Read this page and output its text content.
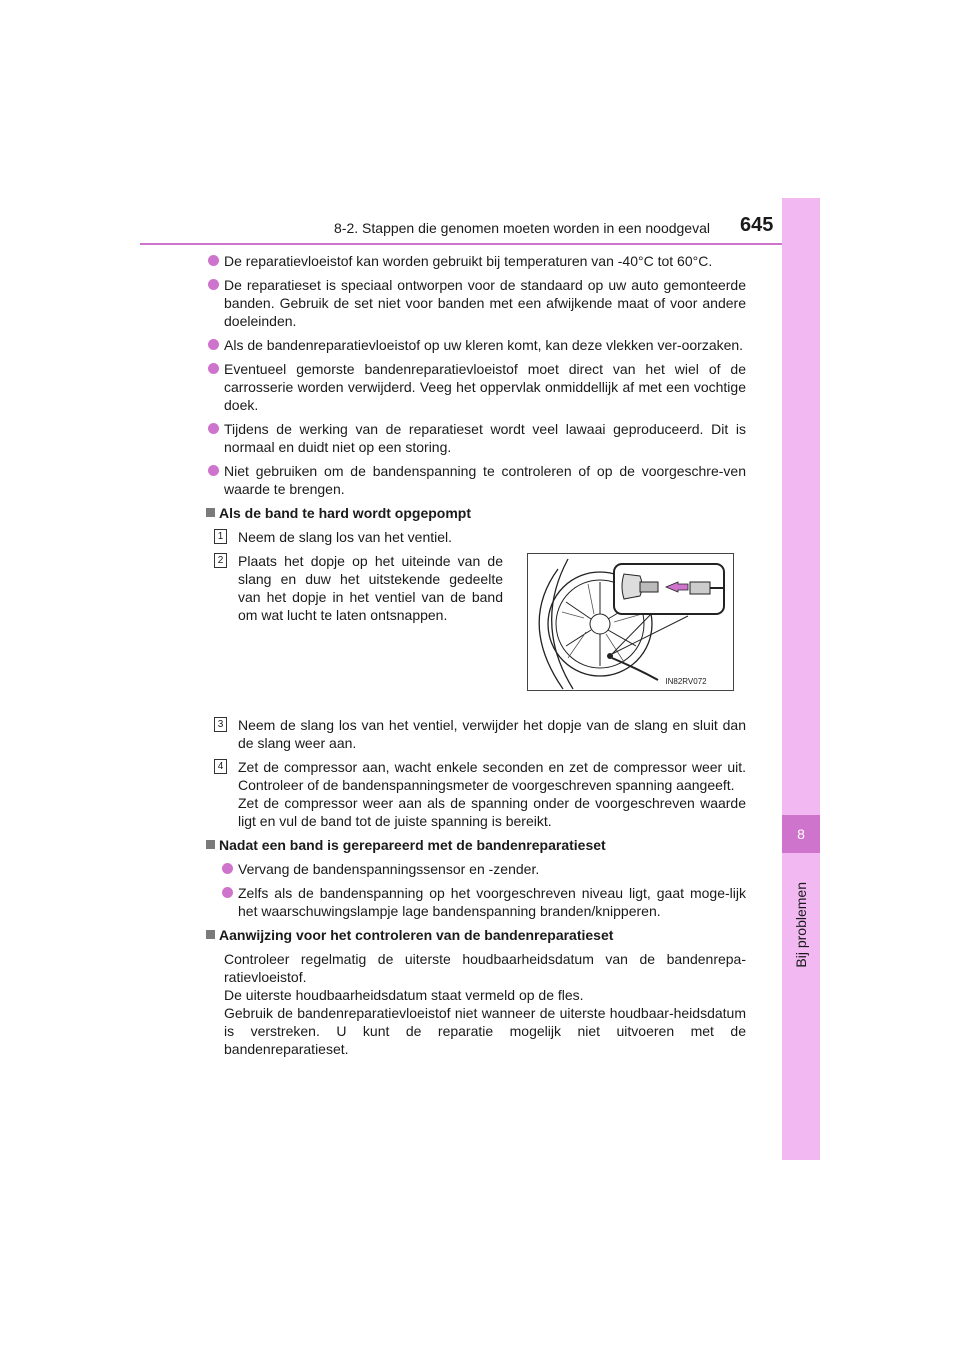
8-2. Stappen die genomen moeten worden in een noodgeval 645
8
Bij problemen
De reparatievloeistof kan worden gebruikt bij temperaturen van -40°C tot 60°C.
De reparatieset is speciaal ontworpen voor de standaard op uw auto gemonteerde banden. Gebruik de set niet voor banden met een afwijkende maat of voor andere doeleinden.
Als de bandenreparatievloeistof op uw kleren komt, kan deze vlekken ver-oorzaken.
Eventueel gemorste bandenreparatievloeistof moet direct van het wiel of de carrosserie worden verwijderd. Veeg het oppervlak onmiddellijk af met een vochtige doek.
Tijdens de werking van de reparatieset wordt veel lawaai geproduceerd. Dit is normaal en duidt niet op een storing.
Niet gebruiken om de bandenspanning te controleren of op de voorgeschre-ven waarde te brengen.
Als de band te hard wordt opgepompt
1 Neem de slang los van het ventiel.
2 Plaats het dopje op het uiteinde van de slang en duw het uitstekende gedeelte van het dopje in het ventiel van de band om wat lucht te laten ontsnappen.
IN82RV072
3 Neem de slang los van het ventiel, verwijder het dopje van de slang en sluit dan de slang weer aan.
4 Zet de compressor aan, wacht enkele seconden en zet de compressor weer uit. Controleer of de bandenspanningsmeter de voorgeschreven spanning aangeeft.
Zet de compressor weer aan als de spanning onder de voorgeschreven waarde ligt en vul de band tot de juiste spanning is bereikt.
Nadat een band is gerepareerd met de bandenreparatieset
Vervang de bandenspanningssensor en -zender.
Zelfs als de bandenspanning op het voorgeschreven niveau ligt, gaat moge-lijk het waarschuwingslampje lage bandenspanning branden/knipperen.
Aanwijzing voor het controleren van de bandenreparatieset
Controleer regelmatig de uiterste houdbaarheidsdatum van de bandenrepa-ratievloeistof.
De uiterste houdbaarheidsdatum staat vermeld op de fles.
Gebruik de bandenreparatievloeistof niet wanneer de uiterste houdbaar-heidsdatum is verstreken. U kunt de reparatie mogelijk niet uitvoeren met de bandenreparatieset.
